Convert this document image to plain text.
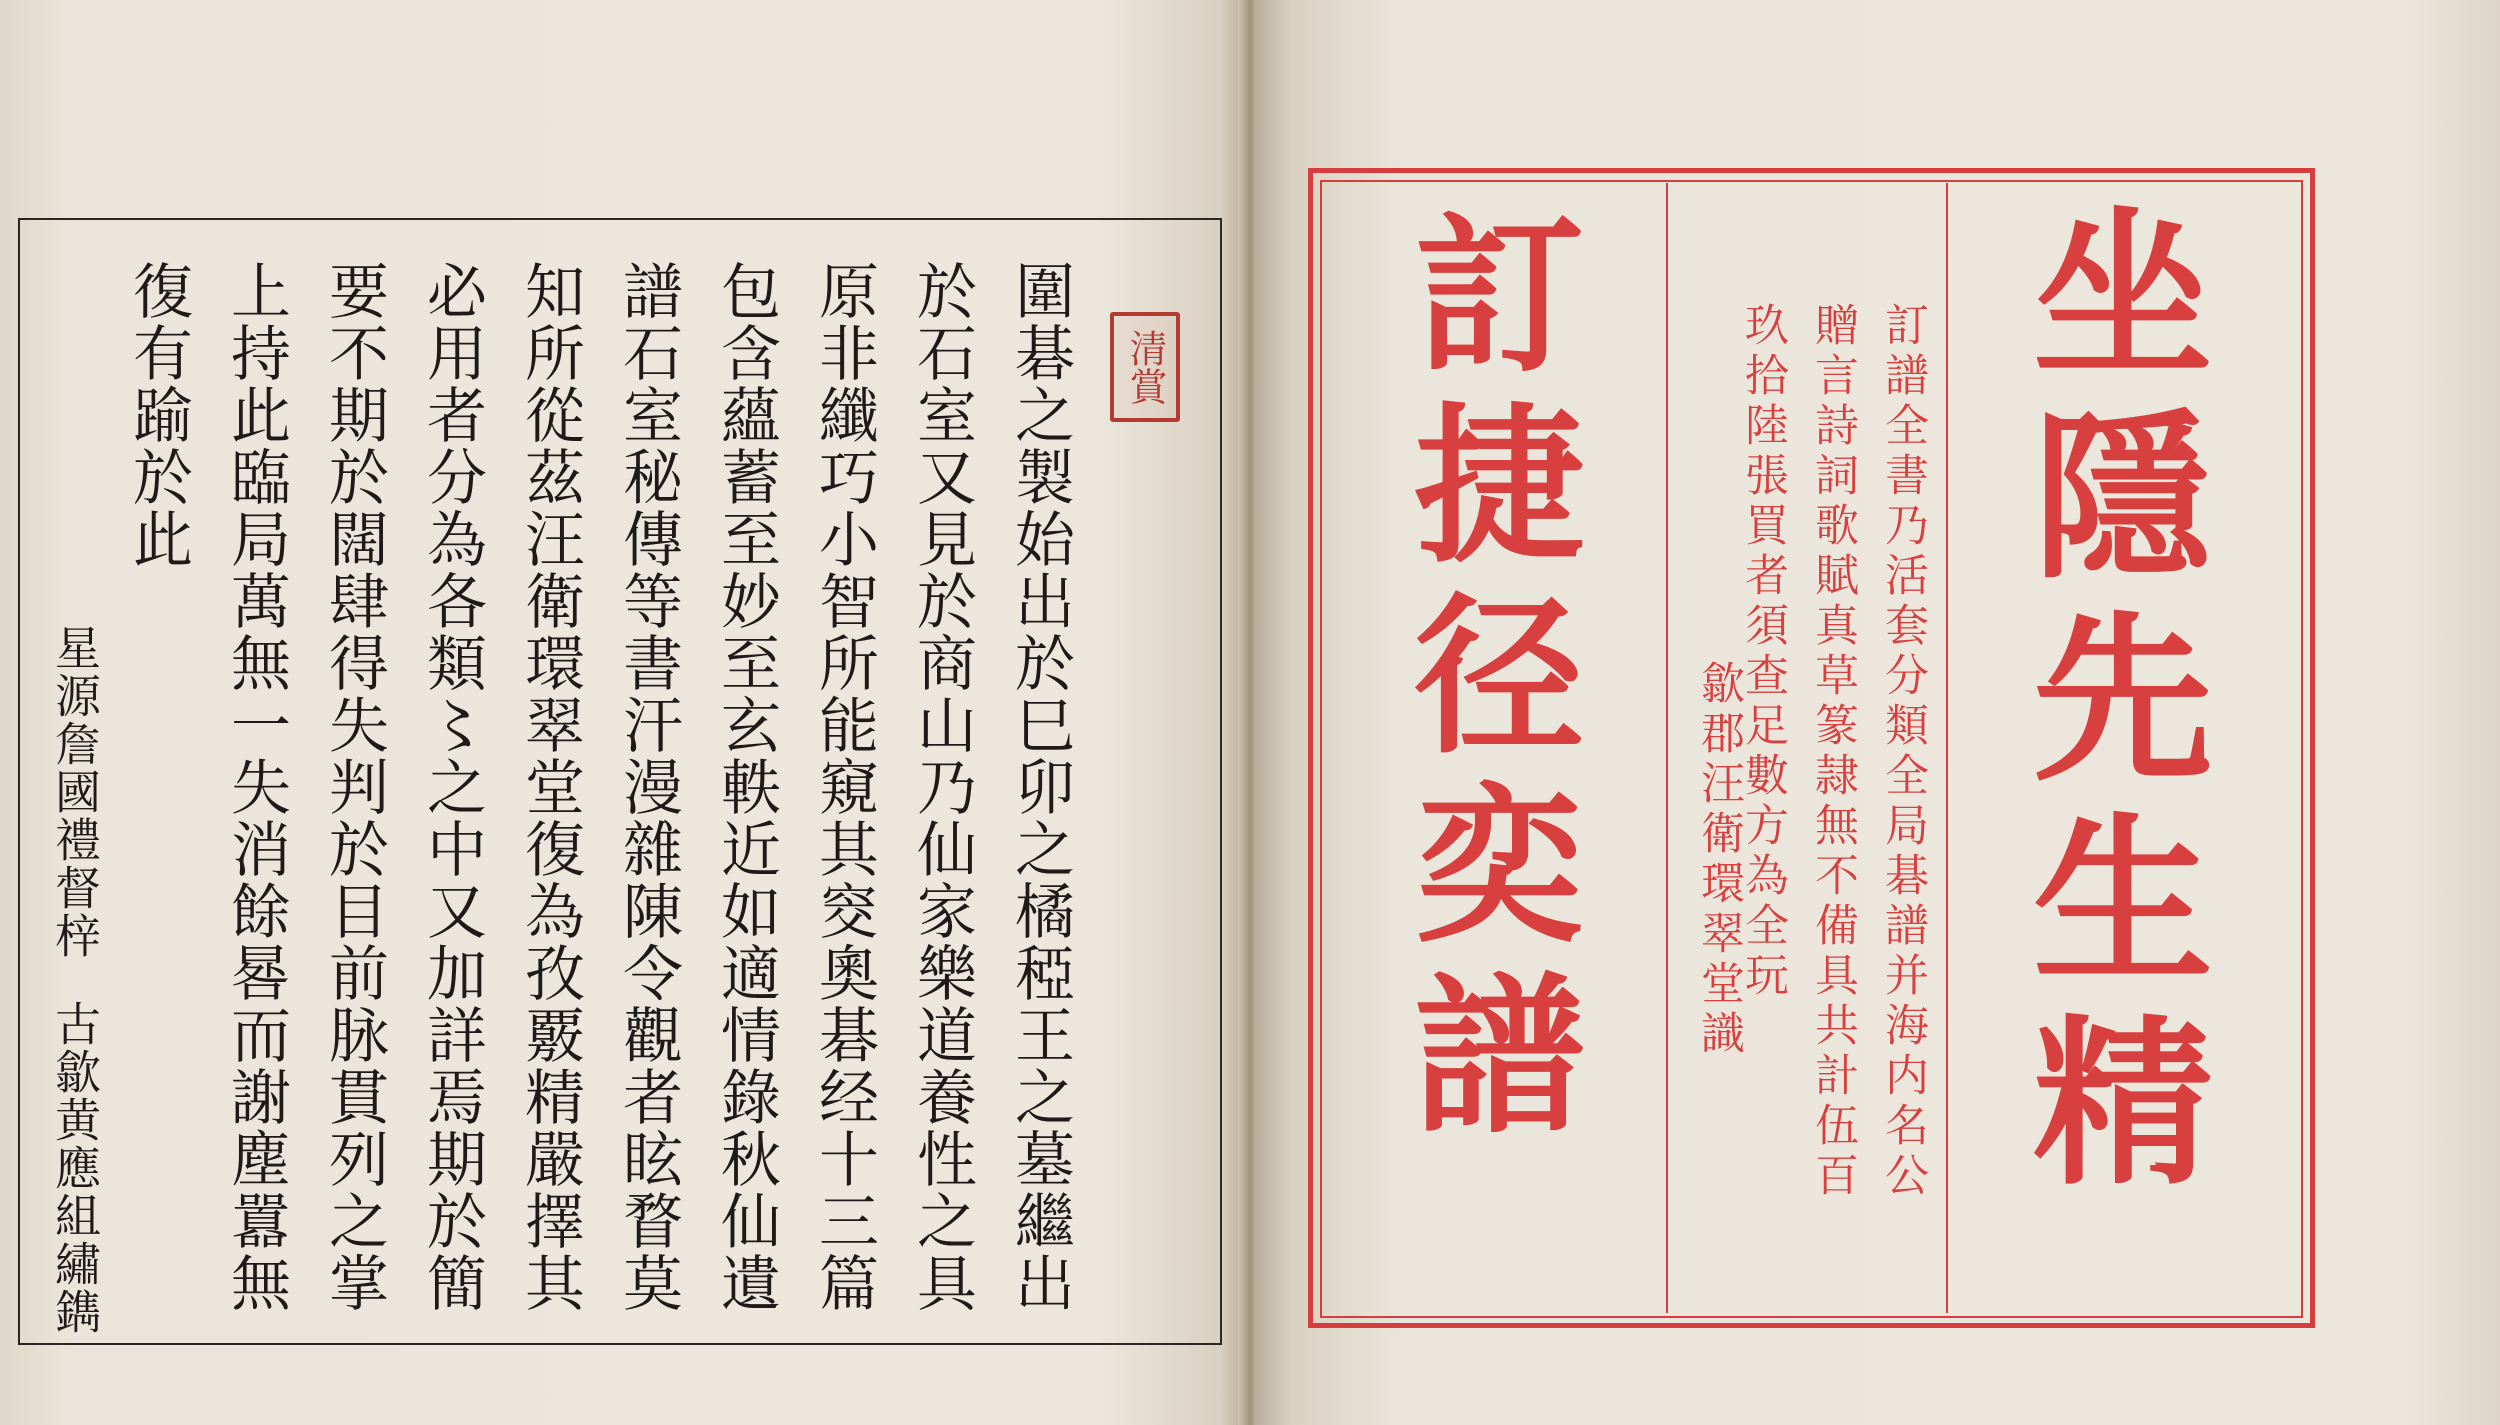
圍碁之製始出於巳卯之橘稏王之墓繼出
於石室又見於商山乃仙家樂道養性之具
原非纖巧小智所能窺其窔奧碁经十三篇
包含蘊蓄至妙至玄軼近如適情錄秋仙遺
譜石室秘傳等書汗漫雜陳令觀者眩瞀莫
知所從茲汪衛環翠堂復為孜覈精嚴擇其
必用者分為各類〻之中又加詳焉期於簡
要不期於闊肆得失判於目前脉貫列之掌
上持此臨局萬無一失消餘晷而謝塵囂無
復有踰於此	清賞
星源詹國禮督梓
古歙黄應組繡鐫	坐隱先生精
訂譜全書乃活套分類全局碁譜并海内名公
贈言詩詞歌賦真草篆隷無不備具共計伍百
玖拾陸張買者須查足數方為全玩
歙郡汪衛環翠堂識
訂捷径奕譜
